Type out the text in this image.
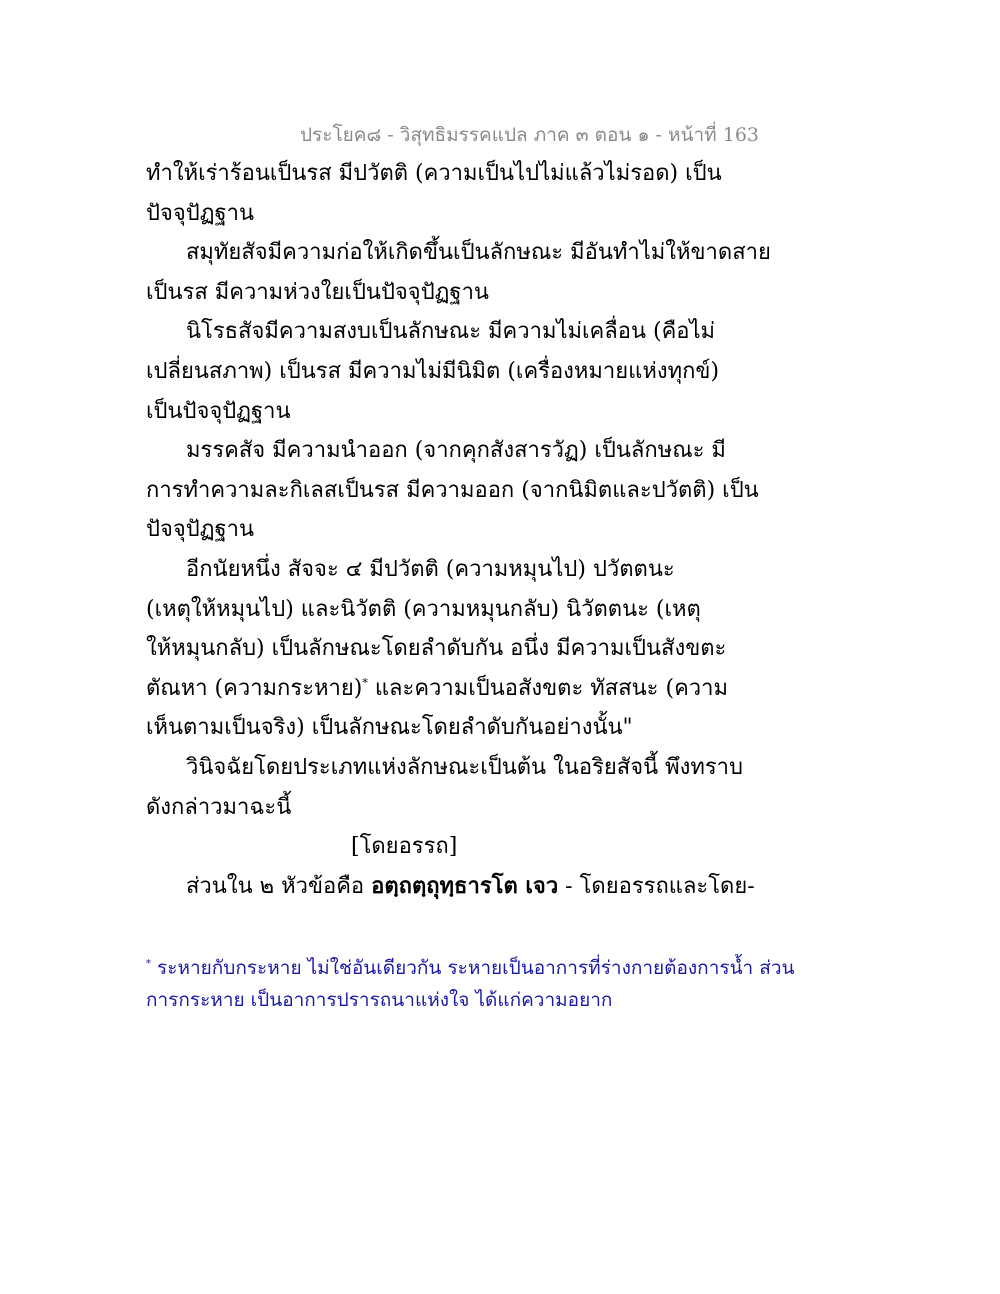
ประโยค๘ - วิสุทธิมรรคแปล ภาค ๓ ตอน ๑ - หน้าที่ 163

ทำให้เร่าร้อนเป็นรส มีปวัตติ (ความเป็นไปไม่แล้วไม่รอด) เป็น
ปัจจุปัฏฐาน

สมุทัยสัจมีความก่อให้เกิดขึ้นเป็นลักษณะ มีอันทำไม่ให้ขาดสาย
เป็นรส มีความห่วงใยเป็นปัจจุปัฏฐาน

นิโรธสัจมีความสงบเป็นลักษณะ มีความไม่เคลื่อน (คือไม่
เปลี่ยนสภาพ) เป็นรส มีความไม่มีนิมิต (เครื่องหมายแห่งทุกข์)
เป็นปัจจุปัฏฐาน

มรรคสัจ มีความนำออก (จากคุกสังสารวัฏ) เป็นลักษณะ มี
การทำความละกิเลสเป็นรส มีความออก (จากนิมิตและปวัตติ) เป็น
ปัจจุปัฏฐาน

อีกนัยหนึ่ง สัจจะ ๔ มีปวัตติ (ความหมุนไป) ปวัตตนะ
(เหตุให้หมุนไป) และนิวัตติ (ความหมุนกลับ) นิวัตตนะ (เหตุ
ให้หมุนกลับ) เป็นลักษณะโดยลำดับกัน อนึ่ง มีความเป็นสังขตะ
ตัณหา (ความกระหาย)* และความเป็นอสังขตะ ทัสสนะ (ความ
เห็นตามเป็นจริง) เป็นลักษณะโดยลำดับกันอย่างนั้น"

วินิจฉัยโดยประเภทแห่งลักษณะเป็นต้น ในอริยสัจนี้ พึงทราบ
ดังกล่าวมาฉะนี้

[โดยอรรถ]

ส่วนใน ๒ หัวข้อคือ อตฺถตฺถุทฺธารโต เจว - โดยอรรถและโดย-

* ระหายกับกระหาย ไม่ใช่อันเดียวกัน ระหายเป็นอาการที่ร่างกายต้องการน้ำ ส่วน
การกระหาย เป็นอาการปรารถนาแห่งใจ ได้แก่ความอยาก
